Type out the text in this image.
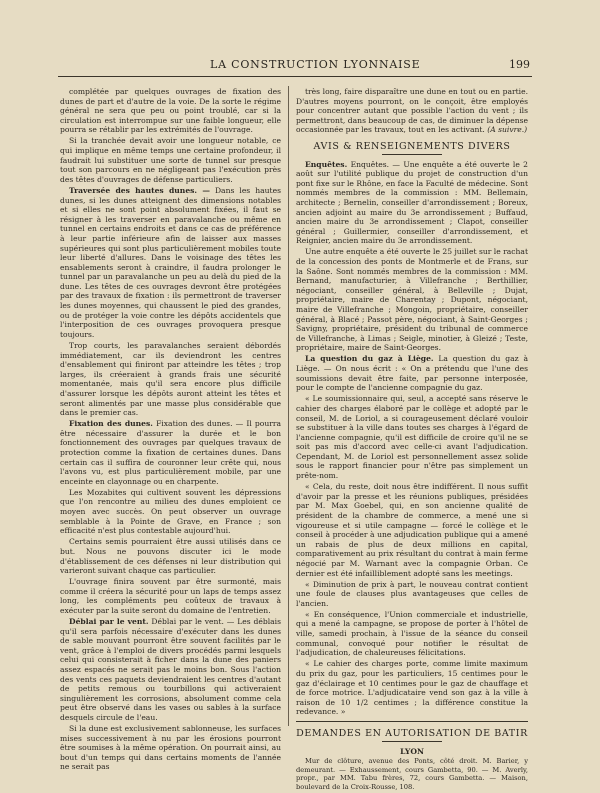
LA CONSTRUCTION LYONNAISE	199

complétée par quelques ouvrages de fixation des dunes de part et d'autre de la voie. De la sorte le régime général ne sera que peu ou point troublé, car si la circulation est interrompue sur une faible longueur, elle pourra se rétablir par les extrémités de l'ouvrage.

Si la tranchée devait avoir une longueur notable, ce qui implique en même temps une certaine profondeur, il faudrait lui substituer une sorte de tunnel sur presque tout son parcours en ne négligeant pas l'exécution près des têtes d'ouvrages de défense particuliers.

Traversée des hautes dunes. — Dans les hautes dunes, si les dunes atteignent des dimensions notables et si elles ne sont point absolument fixées, il faut se résigner à les traverser en paravalanche ou même en tunnel en certains endroits et dans ce cas de préférence à leur partie inférieure afin de laisser aux masses supérieures qui sont plus particulièrement mobiles toute leur liberté d'allures. Dans le voisinage des têtes les ensablements seront à craindre, il faudra prolonger le tunnel par un paravalanche un peu au delà du pied de la dune. Les têtes de ces ouvrages devront être protégées par des travaux de fixation : ils permettront de traverser les dunes moyennes, qui chaussent le pied des grandes, ou de protéger la voie contre les dépôts accidentels que l'interposition de ces ouvrages provoquera presque toujours.

Trop courts, les paravalanches seraient débordés immédiatement, car ils deviendront les centres d'ensablement qui finiront par atteindre les têtes ; trop larges, ils créeraient à grands frais une sécurité momentanée, mais qu'il sera encore plus difficile d'assurer lorsque les dépôts auront atteint les têtes et seront alimentés par une masse plus considérable que dans le premier cas.

Fixation des dunes. Fixation des dunes. — Il pourra être nécessaire d'assurer la durée et le bon fonctionnement des ouvrages par quelques travaux de protection comme la fixation de certaines dunes. Dans certain cas il suffira de couronner leur crête qui, nous l'avons vu, est plus particulièrement mobile, par une enceinte en clayonnage ou en charpente.

Les Mozabites qui cultivent souvent les dépressions que l'on rencontre au milieu des dunes emploient ce moyen avec succès. On peut observer un ouvrage semblable à la Pointe de Grave, en France ; son efficacité n'est plus contestable aujourd'hui.

Certains semis pourraient être aussi utilisés dans ce but. Nous ne pouvons discuter ici le mode d'établissement de ces défenses ni leur distribution qui varieront suivant chaque cas particulier.

L'ouvrage finira souvent par être surmonté, mais comme il créera la sécurité pour un laps de temps assez long, les compléments peu coûteux de travaux à exécuter par la suite seront du domaine de l'entretien.

Déblai par le vent. Déblai par le vent. — Les déblais qu'il sera parfois nécessaire d'exécuter dans les dunes de sable mouvant pourront être souvent facilités par le vent, grâce à l'emploi de divers procédés parmi lesquels celui qui consisterait à ficher dans la dune des paniers assez espacés ne serait pas le moins bon. Sous l'action des vents ces paquets deviendraient les centres d'autant de petits remous ou tourbillons qui activeraient singulièrement les corrosions, absolument comme cela peut être observé dans les vases ou sables à la surface desquels circule de l'eau.

Si la dune est exclusivement sablonneuse, les surfaces mises successivement à nu par les érosions pourront être soumises à la même opération. On pourrait ainsi, au bout d'un temps qui dans certains moments de l'année ne serait pas

très long, faire disparaître une dune en tout ou en partie. D'autres moyens pourront, on le conçoit, être employés pour concentrer autant que possible l'action du vent ; ils permettront, dans beaucoup de cas, de diminuer la dépense occasionnée par les travaux, tout en les activant. (A suivre.)

AVIS & RENSEIGNEMENTS DIVERS

Enquêtes. Enquêtes. — Une enquête a été ouverte le 2 août sur l'utilité publique du projet de construction d'un pont fixe sur le Rhône, en face la Faculté de médecine. Sont nommés membres de la commission : MM. Bellemain, architecte ; Bernelin, conseiller d'arrondissement ; Boreux, ancien adjoint au maire du 3e arrondissement ; Buffaud, ancien maire du 3e arrondissement ; Clapot, conseiller général ; Guillermier, conseiller d'arrondissement, et Reignier, ancien maire du 3e arrondissement.

Une autre enquête a été ouverte le 25 juillet sur le rachat de la concession des ponts de Montmerle et de Frans, sur la Saône. Sont nommés membres de la commission : MM. Bernand, manufacturier, à Villefranche ; Berthillier, négociant, conseiller général, à Belleville ; Dujat, propriétaire, maire de Charentay ; Dupont, négociant, maire de Villefranche ; Mongoin, propriétaire, conseiller général, à Blacé ; Passot père, négociant, à Saint-Georges ; Savigny, propriétaire, président du tribunal de commerce de Villefranche, à Limas ; Seigle, minotier, à Gleizé ; Teste, propriétaire, maire de Saint-Georges.

La question du gaz à Liège. La question du gaz à Liège. — On nous écrit : « On a prétendu que l'une des soumissions devait être faite, par personne interposée, pour le compte de l'ancienne compagnie du gaz.

« Le soumissionnaire qui, seul, a accepté sans réserve le cahier des charges élaboré par le collège et adopté par le conseil, M. de Loriol, a si courageusement déclaré vouloir se substituer à la ville dans toutes ses charges à l'égard de l'ancienne compagnie, qu'il est difficile de croire qu'il ne se soit pas mis d'accord avec celle-ci avant l'adjudication. Cependant, M. de Loriol est personnellement assez solide sous le rapport financier pour n'être pas simplement un prête-nom.

« Cela, du reste, doit nous être indifférent. Il nous suffit d'avoir par la presse et les réunions publiques, présidées par M. Max Goebel, qui, en son ancienne qualité de président de la chambre de commerce, a mené une si vigoureuse et si utile campagne — forcé le collège et le conseil à procéder à une adjudication publique qui a amené un rabais de plus de deux millions en capital, comparativement au prix résultant du contrat à main ferme négocié par M. Warnant avec la compagnie Orban. Ce dernier est été infailliblement adopté sans les meetings.

« Diminution de prix à part, le nouveau contrat contient une foule de clauses plus avantageuses que celles de l'ancien.

« En conséquence, l'Union commerciale et industrielle, qui a mené la campagne, se propose de porter à l'hôtel de ville, samedi prochain, à l'issue de la séance du conseil communal, convoqué pour notifier le résultat de l'adjudication, de chaleureuses félicitations.

« Le cahier des charges porte, comme limite maximum du prix du gaz, pour les particuliers, 15 centimes pour le gaz d'éclairage et 10 centimes pour le gaz de chauffage et de force motrice. L'adjudicataire vend son gaz à la ville à raison de 10 1/2 centimes ; la différence constitue la redevance. »

DEMANDES EN AUTORISATION DE BATIR
LYON

Mur de clôture, avenue des Ponts, côté droit. M. Barier, y demeurant. — Exhaussement, cours Gambetta, 90. — M. Averly, propr., par MM. Tabu frères, 72, cours Gambetta. — Maison, boulevard de la Croix-Rousse, 108.
